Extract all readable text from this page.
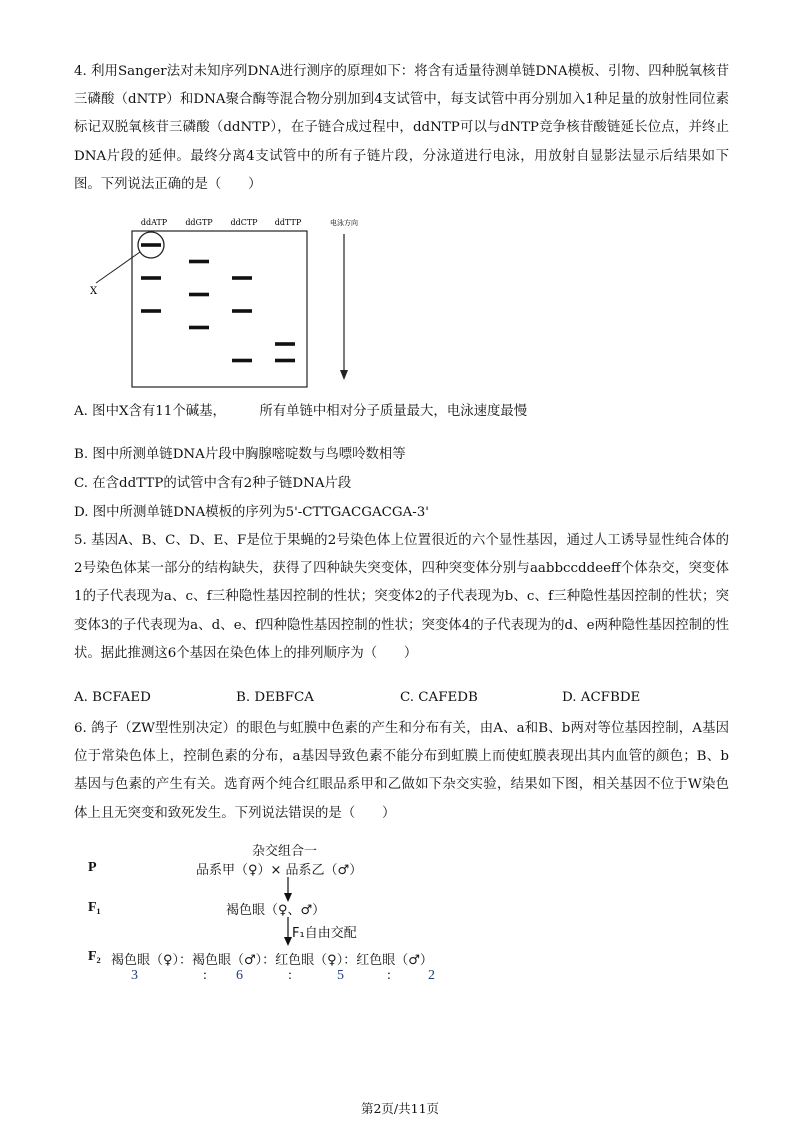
4. 利用Sanger法对未知序列DNA进行测序的原理如下：将含有适量待测单链DNA模板、引物、四种脱氧核苷三磷酸（dNTP）和DNA聚合酶等混合物分别加到4支试管中，每支试管中再分别加入1种足量的放射性同位素标记双脱氧核苷三磷酸（ddNTP），在子链合成过程中，ddNTP可以与dNTP竞争核苷酸链延长位点，并终止DNA片段的延伸。最终分离4支试管中的所有子链片段，分泳道进行电泳，用放射自显影法显示后结果如下图。下列说法正确的是（　　）

ddATP ddGTP ddCTP ddTTP	电泳方向
X

A. 图中X含有11个碱基，　　　所有单链中相对分子质量最大，电泳速度最慢

B. 图中所测单链DNA片段中胸腺嘧啶数与鸟嘌呤数相等

C. 在含ddTTP的试管中含有2种子链DNA片段

D. 图中所测单链DNA模板的序列为5'-CTTGACGACGA-3'

5. 基因A、B、C、D、E、F是位于果蝇的2号染色体上位置很近的六个显性基因，通过人工诱导显性纯合体的2号染色体某一部分的结构缺失，获得了四种缺失突变体，四种突变体分别与aabbccddeeff个体杂交，突变体1的子代表现为a、c、f三种隐性基因控制的性状；突变体2的子代表现为b、c、f三种隐性基因控制的性状；突变体3的子代表现为a、d、e、f四种隐性基因控制的性状；突变体4的子代表现为的d、e两种隐性基因控制的性状。据此推测这6个基因在染色体上的排列顺序为（　　）

A. BCFAED	B. DEBFCA	C. CAFEDB	D. ACFBDE

6. 鸽子（ZW型性别决定）的眼色与虹膜中色素的产生和分布有关，由A、a和B、b两对等位基因控制，A基因位于常染色体上，控制色素的分布，a基因导致色素不能分布到虹膜上而使虹膜表现出其内血管的颜色；B、b基因与色素的产生有关。选育两个纯合红眼品系甲和乙做如下杂交实验，结果如下图，相关基因不位于W染色体上且无突变和致死发生。下列说法错误的是（　　）

杂交组合一
P	品系甲（♀）× 品系乙（♂）
F₁	褐色眼（♀、♂）
F₁自由交配
F₂ 褐色眼（♀）：褐色眼（♂）：红色眼（♀）：红色眼（♂）
3	: 6	:	5	:	2
第2页/共11页
